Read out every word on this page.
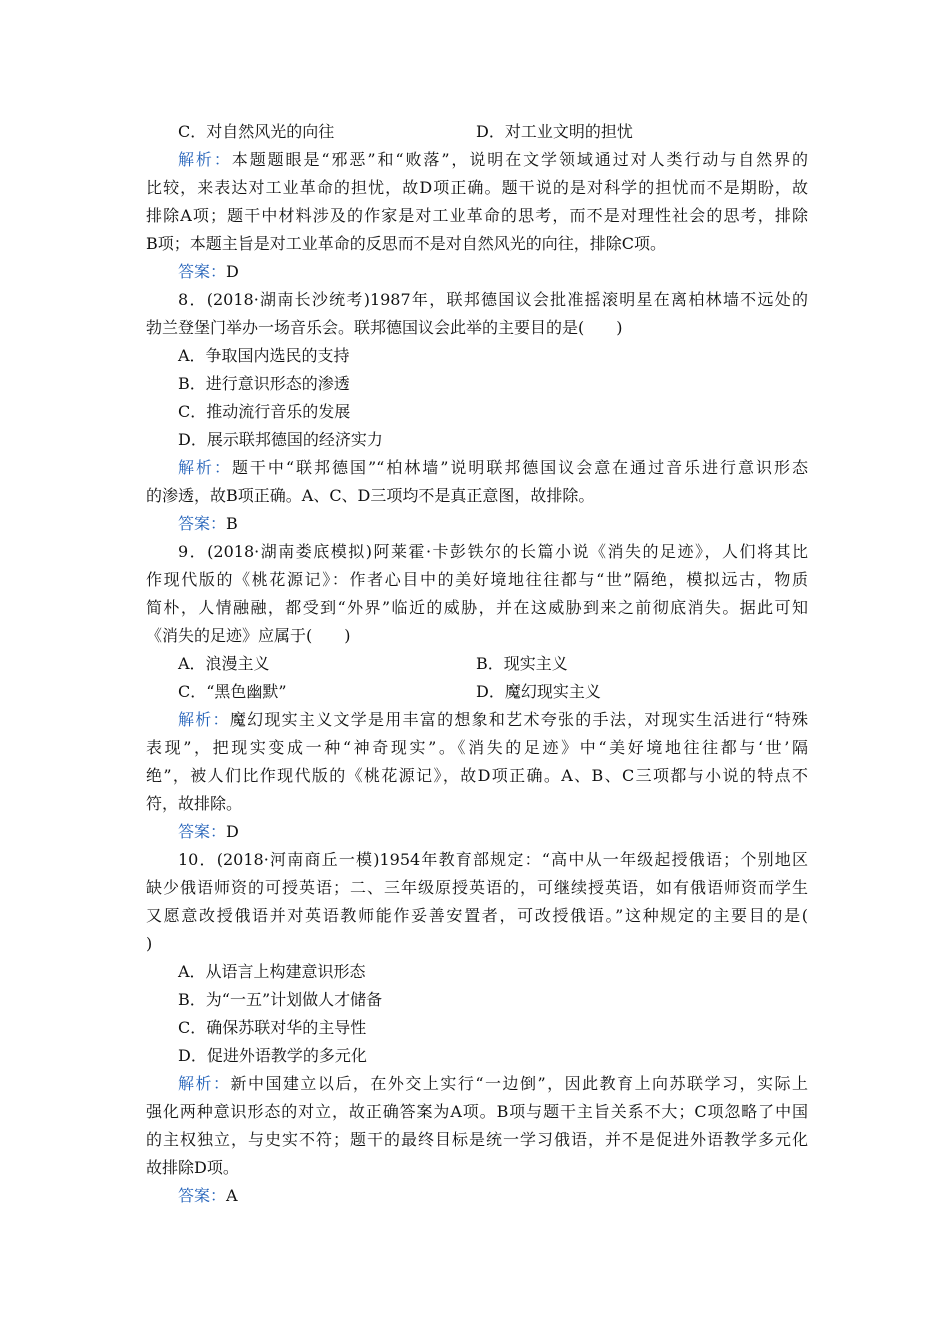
C．对自然风光的向往	D．对工业文明的担忧
解析：本题题眼是“邪恶”和“败落”，说明在文学领域通过对人类行动与自然界的
比较，来表达对工业革命的担忧，故D项正确。题干说的是对科学的担忧而不是期盼，故
排除A项；题干中材料涉及的作家是对工业革命的思考，而不是对理性社会的思考，排除
B项；本题主旨是对工业革命的反思而不是对自然风光的向往，排除C项。
答案：D
8．(2018·湖南长沙统考)1987年，联邦德国议会批准摇滚明星在离柏林墙不远处的
勃兰登堡门举办一场音乐会。联邦德国议会此举的主要目的是(　　)
A．争取国内选民的支持
B．进行意识形态的渗透
C．推动流行音乐的发展
D．展示联邦德国的经济实力
解析：题干中“联邦德国”“柏林墙”说明联邦德国议会意在通过音乐进行意识形态
的渗透，故B项正确。A、C、D三项均不是真正意图，故排除。
答案：B
9．(2018·湖南娄底模拟)阿莱霍·卡彭铁尔的长篇小说《消失的足迹》，人们将其比
作现代版的《桃花源记》：作者心目中的美好境地往往都与“世”隔绝，模拟远古，物质
简朴，人情融融，都受到“外界”临近的威胁，并在这威胁到来之前彻底消失。据此可知
《消失的足迹》应属于(　　)
A．浪漫主义	B．现实主义
C．“黑色幽默”	D．魔幻现实主义
解析：魔幻现实主义文学是用丰富的想象和艺术夸张的手法，对现实生活进行“特殊
表现”，把现实变成一种“神奇现实”。《消失的足迹》中“美好境地往往都与‘世’隔
绝”，被人们比作现代版的《桃花源记》，故D项正确。A、B、C三项都与小说的特点不
符，故排除。
答案：D
10．(2018·河南商丘一模)1954年教育部规定：“高中从一年级起授俄语；个别地区
缺少俄语师资的可授英语；二、三年级原授英语的，可继续授英语，如有俄语师资而学生
又愿意改授俄语并对英语教师能作妥善安置者，可改授俄语。”这种规定的主要目的是(
)
A．从语言上构建意识形态
B．为“一五”计划做人才储备
C．确保苏联对华的主导性
D．促进外语教学的多元化
解析：新中国建立以后，在外交上实行“一边倒”，因此教育上向苏联学习，实际上
强化两种意识形态的对立，故正确答案为A项。B项与题干主旨关系不大；C项忽略了中国
的主权独立，与史实不符；题干的最终目标是统一学习俄语，并不是促进外语教学多元化
故排除D项。
答案：A
